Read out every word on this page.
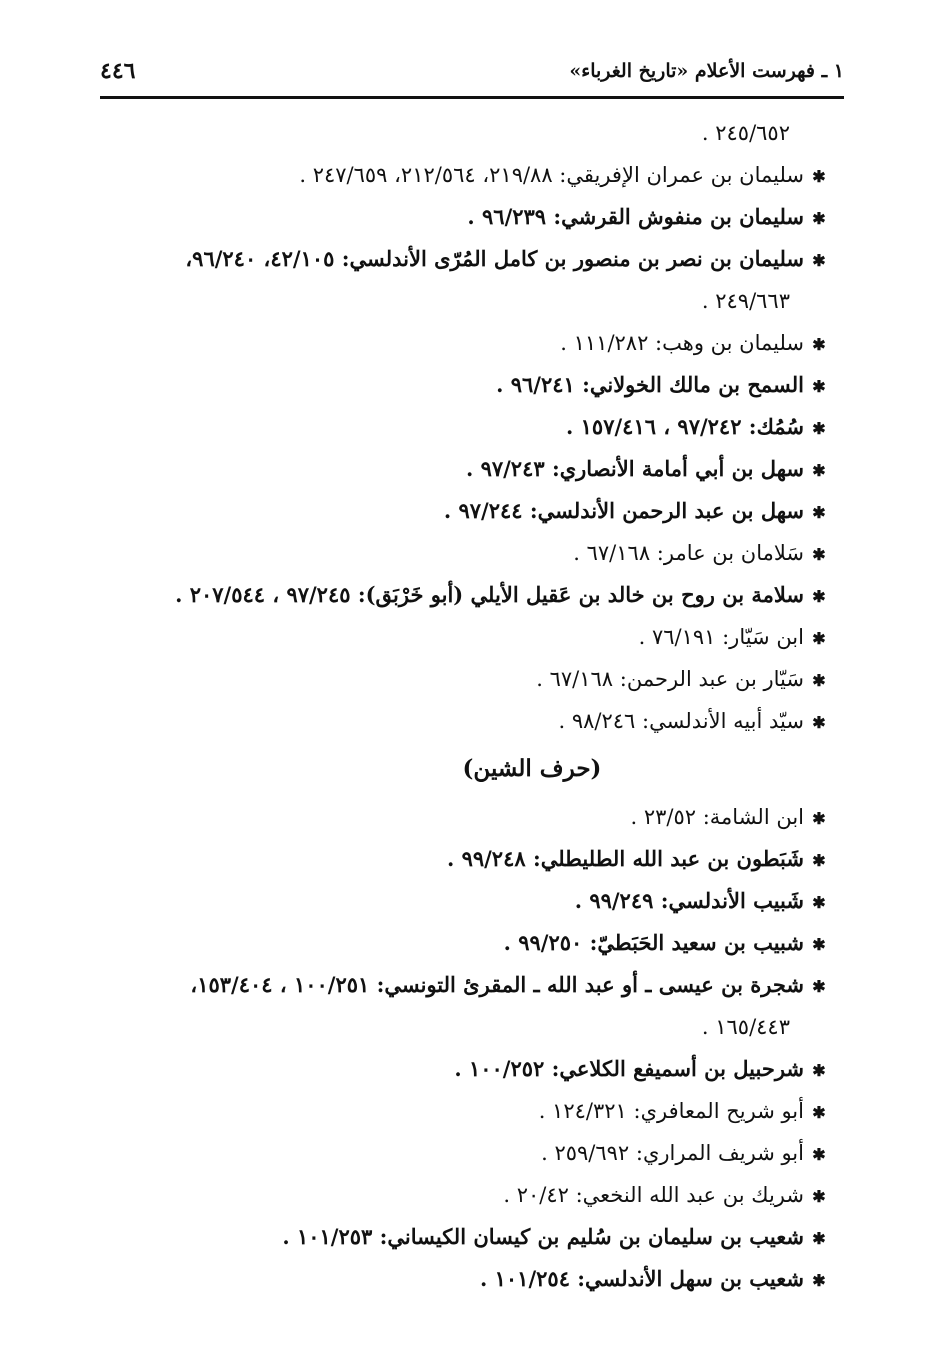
١ ـ فهرست الأعلام «تاريخ الغرباء»
٤٤٦
٢٤٥/٦٥٢ .
✱سليمان بن عمران الإفريقي: ٢١٩/٨٨، ٢١٢/٥٦٤، ٢٤٧/٦٥٩ .
✱سليمان بن منفوش القرشي: ٩٦/٢٣٩ .
✱سليمان بن نصر بن منصور بن كامل المُرّى الأندلسي: ٤٢/١٠٥، ٩٦/٢٤٠،
٢٤٩/٦٦٣ .
✱سليمان بن وهب: ١١١/٢٨٢ .
✱السمح بن مالك الخولاني: ٩٦/٢٤١ .
✱سُمُك: ٩٧/٢٤٢ ، ١٥٧/٤١٦ .
✱سهل بن أبي أمامة الأنصاري: ٩٧/٢٤٣ .
✱سهل بن عبد الرحمن الأندلسي: ٩٧/٢٤٤ .
✱سَلامان بن عامر: ٦٧/١٦٨ .
✱سلامة بن روح بن خالد بن عَقيل الأيلي (أبو خَرْبَق): ٩٧/٢٤٥ ، ٢٠٧/٥٤٤ .
✱ابن سَيّار: ٧٦/١٩١ .
✱سَيّار بن عبد الرحمن: ٦٧/١٦٨ .
✱سيّد أبيه الأندلسي: ٩٨/٢٤٦ .
(حرف الشين)
✱ابن الشامة: ٢٣/٥٢ .
✱شَبَطون بن عبد الله الطليطلي: ٩٩/٢٤٨ .
✱شَبيب الأندلسي: ٩٩/٢٤٩ .
✱شبيب بن سعيد الحَبَطيّ: ٩٩/٢٥٠ .
✱شجرة بن عيسى ـ أو عبد الله ـ المقرئ التونسي: ١٠٠/٢٥١ ، ١٥٣/٤٠٤،
١٦٥/٤٤٣ .
✱شرحبيل بن أسميفع الكلاعي: ١٠٠/٢٥٢ .
✱أبو شريح المعافري: ١٢٤/٣٢١ .
✱أبو شريف المراري: ٢٥٩/٦٩٢ .
✱شريك بن عبد الله النخعي: ٢٠/٤٢ .
✱شعيب بن سليمان بن سُليم بن كيسان الكيساني: ١٠١/٢٥٣ .
✱شعيب بن سهل الأندلسي: ١٠١/٢٥٤ .
